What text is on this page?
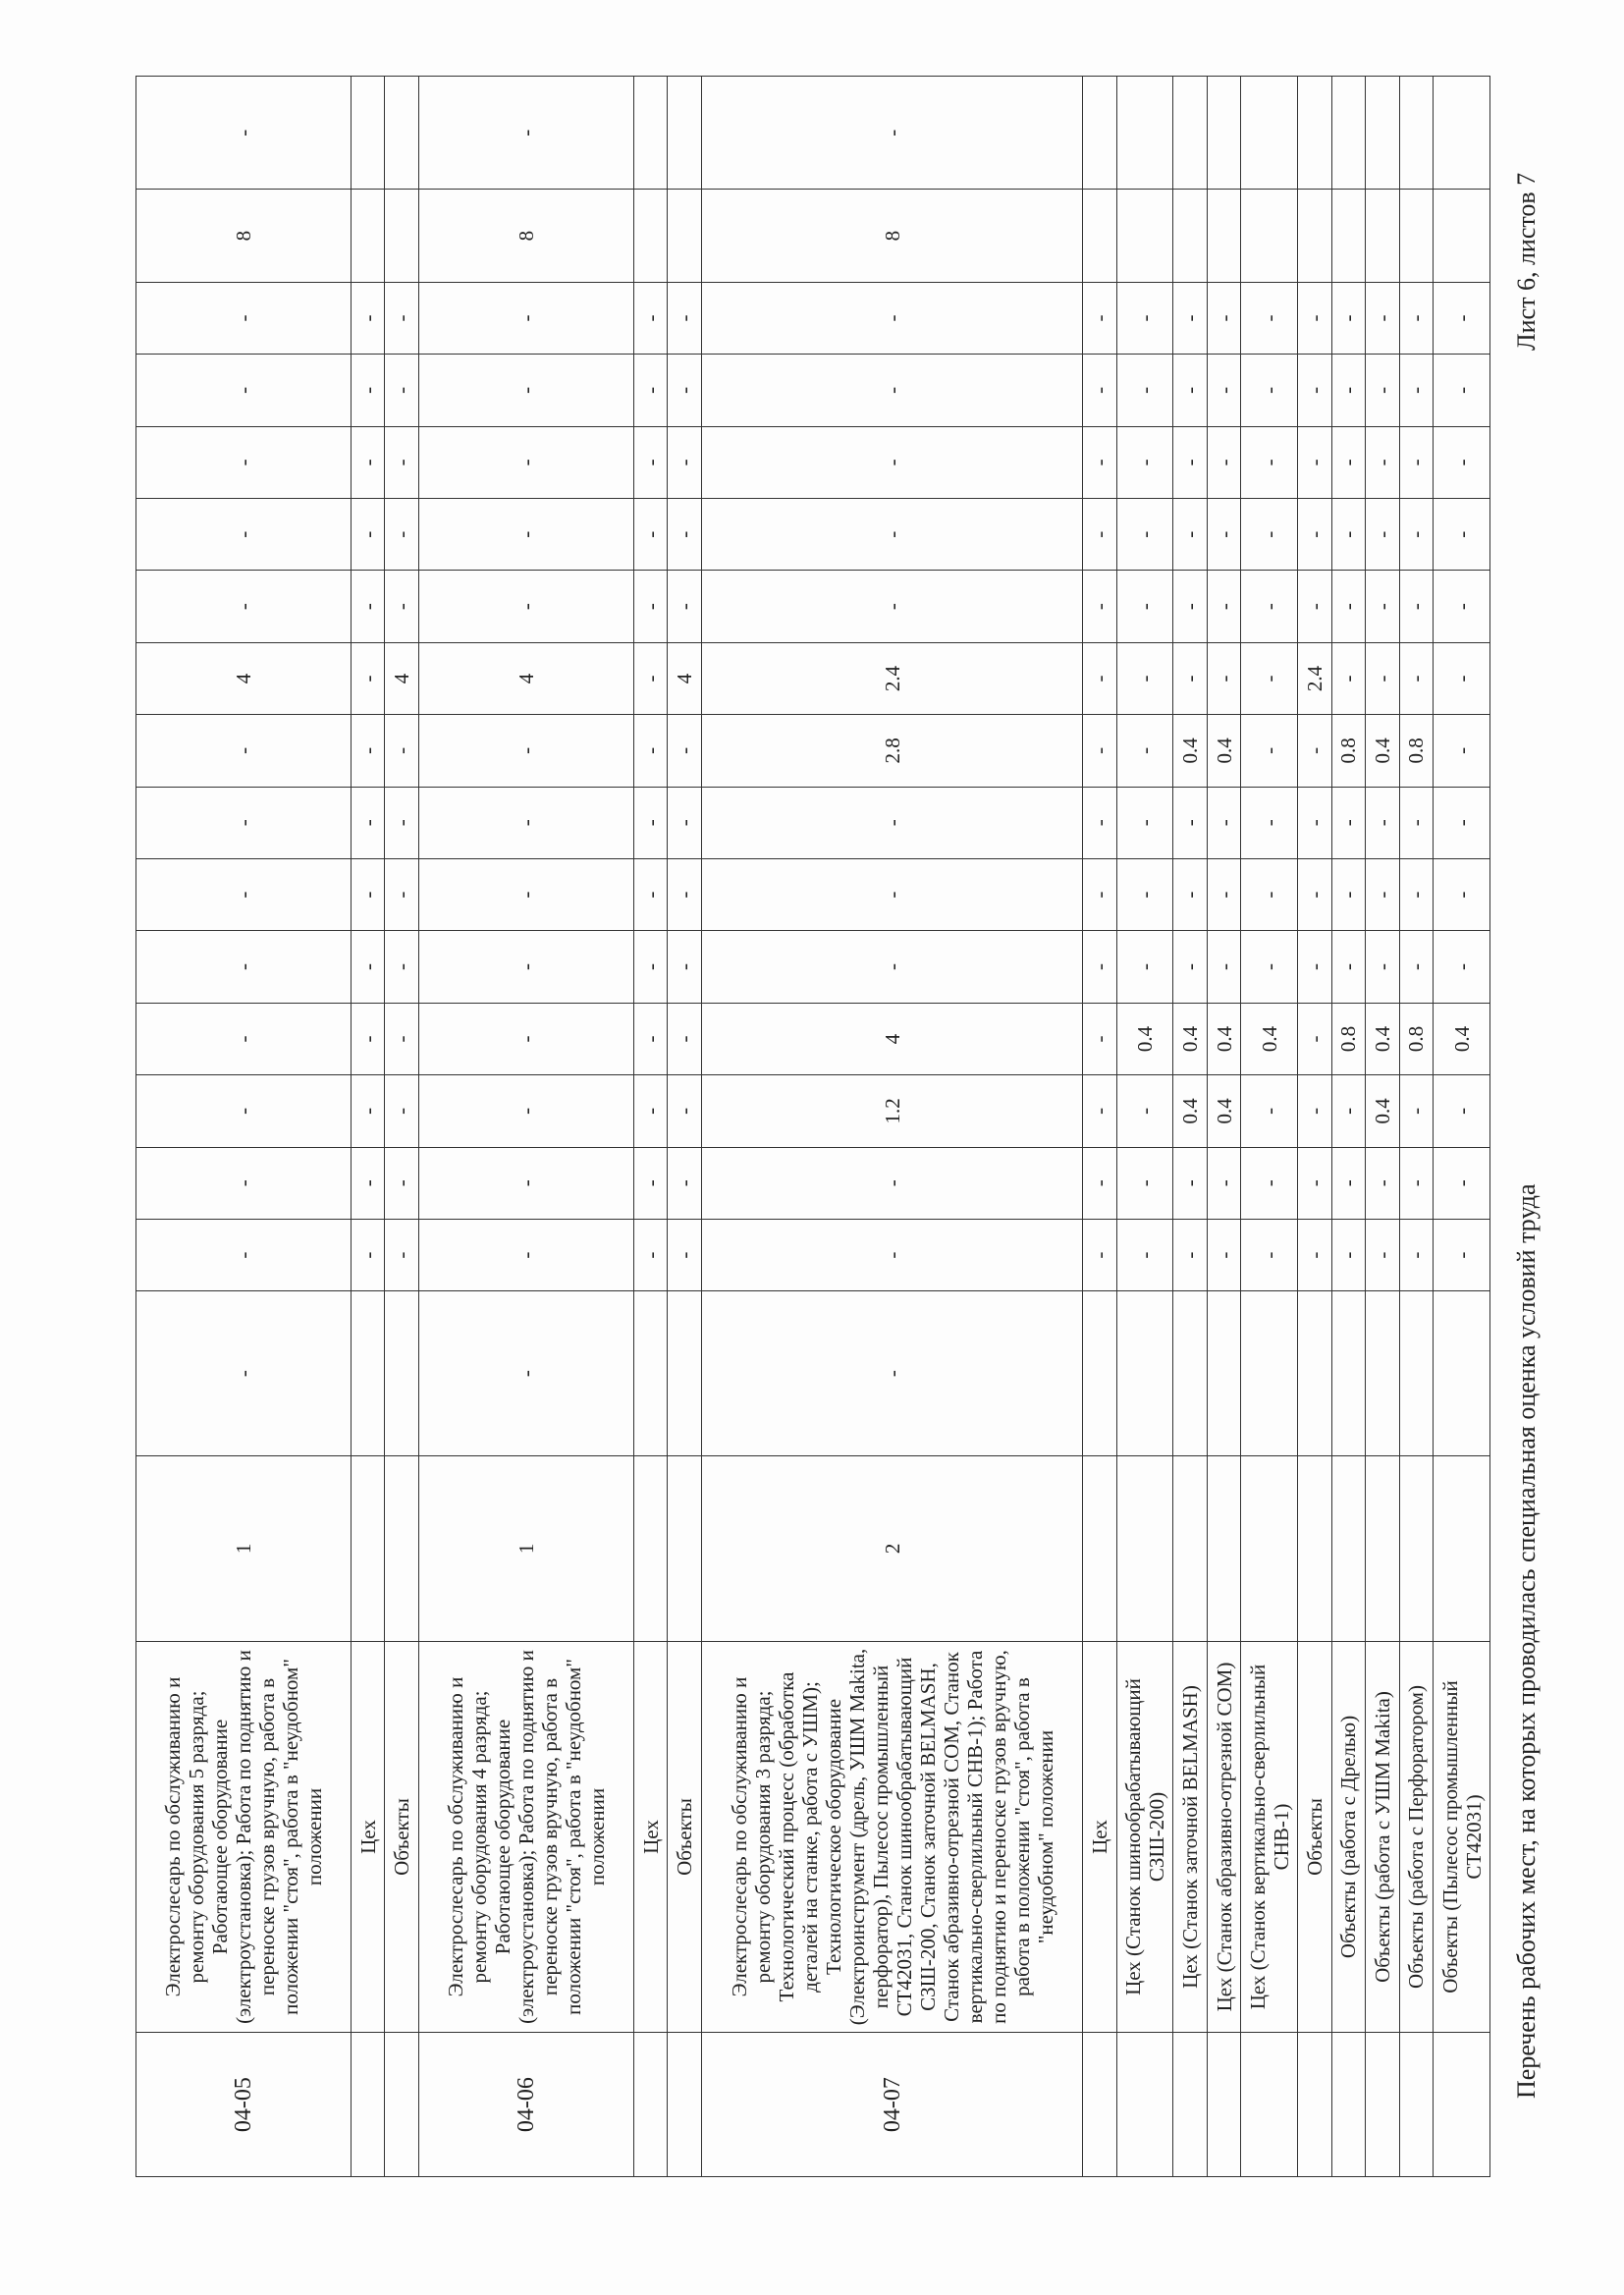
04-05	Электрослесарь по обслуживанию и ремонту оборудования 5 разряда; Работающее оборудование (электроустановка); Работа по поднятию и переноске грузов вручную, работа в положении "стоя", работа в "неудобном" положении	1	-	-	-	-	-	-	-	-	-	4	-	-	-	-	-	8	-
	Цех			-	-	-	-	-	-	-	-	-	-	-	-	-	-		
	Объекты			-	-	-	-	-	-	-	-	4	-	-	-	-	-		
04-06	Электрослесарь по обслуживанию и ремонту оборудования 4 разряда; Работающее оборудование (электроустановка); Работа по поднятию и переноске грузов вручную, работа в положении "стоя", работа в "неудобном" положении	1	-	-	-	-	-	-	-	-	-	4	-	-	-	-	-	8	-
	Цех			-	-	-	-	-	-	-	-	-	-	-	-	-	-		
	Объекты			-	-	-	-	-	-	-	-	4	-	-	-	-	-		
04-07	Электрослесарь по обслуживанию и ремонту оборудования 3 разряда; Технологический процесс (обработка деталей на станке, работа с УШМ); Технологическое оборудование (Электроинструмент (дрель, УШМ Makita, перфоратор), Пылесос промышленный СТ42031, Станок шинообрабатывающий СЗШ-200, Станок заточной BELMASH, Станок абразивно-отрезной СОМ, Станок вертикально-сверлильный СНВ-1); Работа по поднятию и переноске грузов вручную, работа в положении "стоя", работа в "неудобном" положении	2	-	-	-	1.2	4	-	-	-	2.8	2.4	-	-	-	-	-	8	-
	Цех			-	-	-	-	-	-	-	-	-	-	-	-	-	-		
	Цех (Станок шинообрабатывающий СЗШ-200)			-	-	-	0.4	-	-	-	-	-	-	-	-	-	-		
	Цех (Станок заточной BELMASH)			-	-	0.4	0.4	-	-	-	0.4	-	-	-	-	-	-		
	Цех (Станок абразивно-отрезной СОМ)			-	-	0.4	0.4	-	-	-	0.4	-	-	-	-	-	-		
	Цех (Станок вертикально-сверлильный СНВ-1)			-	-	-	0.4	-	-	-	-	-	-	-	-	-	-		
	Объекты			-	-	-	-	-	-	-	-	2.4	-	-	-	-	-		
	Объекты (работа с Дрелью)			-	-	-	0.8	-	-	-	0.8	-	-	-	-	-	-		
	Объекты (работа с УШМ Makita)			-	-	0.4	0.4	-	-	-	0.4	-	-	-	-	-	-		
	Объекты (работа с Перфоратором)			-	-	-	0.8	-	-	-	0.8	-	-	-	-	-	-		
	Объекты (Пылесос промышленный СТ42031)			-	-	-	0.4	-	-	-	-	-	-	-	-	-	-		
Перечень рабочих мест, на которых проводилась специальная оценка условий труда
Лист 6, листов 7
